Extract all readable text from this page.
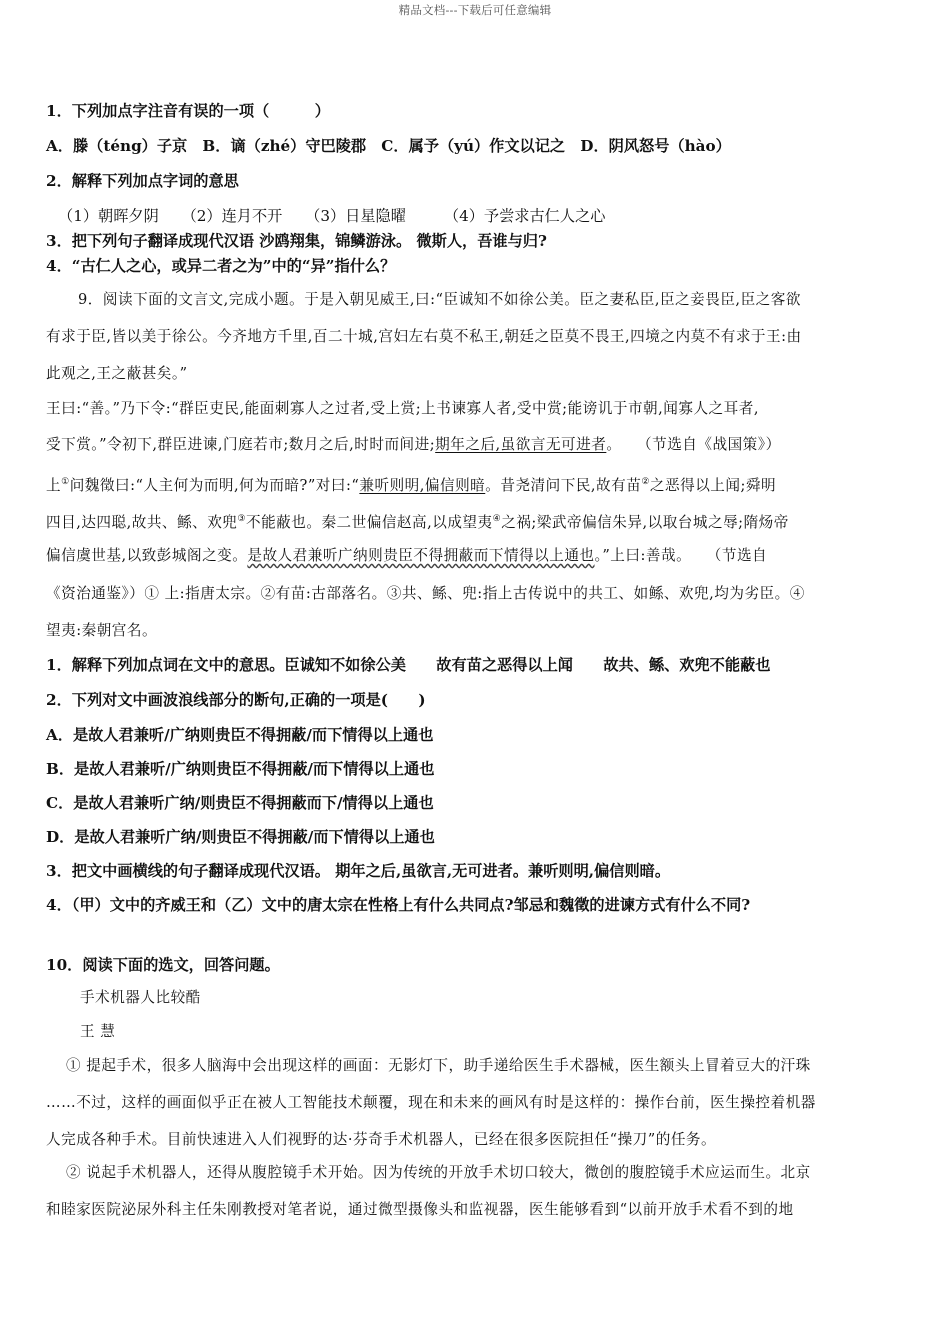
精品文档---下载后可任意编辑
1．下列加点字注音有误的一项（　　　）
A．滕（téng）子京　B．谪（zhé）守巴陵郡　C．属予（yú）作文以记之　D．阴风怒号（hào）
2．解释下列加点字词的意思
（1）朝晖夕阴　　（2）连月不开　　（3）日星隐曜　　　（4）予尝求古仁人之心
3．把下列句子翻译成现代汉语 沙鸥翔集，锦鳞游泳。 微斯人，吾谁与归?
4．“古仁人之心，或异二者之为”中的“异”指什么？
9．阅读下面的文言文,完成小题。于是入朝见威王,曰:“臣诚知不如徐公美。臣之妻私臣,臣之妾畏臣,臣之客欲
有求于臣,皆以美于徐公。今齐地方千里,百二十城,宫妇左右莫不私王,朝廷之臣莫不畏王,四境之内莫不有求于王:由
此观之,王之蔽甚矣。”
王曰:“善。”乃下令:“群臣吏民,能面刺寡人之过者,受上赏;上书谏寡人者,受中赏;能谤讥于市朝,闻寡人之耳者,
受下赏。”令初下,群臣进谏,门庭若市;数月之后,时时而间进;期年之后,虽欲言无可进者。　　（节选自《战国策》）
上①问魏徵曰:“人主何为而明,何为而暗?”对曰:“兼听则明,偏信则暗。昔尧清问下民,故有苗②之恶得以上闻;舜明
四目,达四聪,故共、鲧、欢兜③不能蔽也。秦二世偏信赵高,以成望夷④之祸;梁武帝偏信朱异,以取台城之辱;隋炀帝
偏信虞世基,以致彭城阁之变。是故人君兼听广纳则贵臣不得拥蔽而下情得以上通也。”上曰:善哉。　　（节选自
《资治通鉴》）① 上:指唐太宗。②有苗:古部落名。③共、鲧、兜:指上古传说中的共工、如鲧、欢兜,均为劣臣。④
望夷:秦朝宫名。
1．解释下列加点词在文中的意思。臣诚知不如徐公美　　故有苗之恶得以上闻　　故共、鲧、欢兜不能蔽也
2．下列对文中画波浪线部分的断句,正确的一项是(　　)
A．是故人君兼听/广纳则贵臣不得拥蔽/而下情得以上通也
B．是故人君兼听/广纳则贵臣不得拥蔽/而下情得以上通也
C．是故人君兼听广纳/则贵臣不得拥蔽而下/情得以上通也
D．是故人君兼听广纳/则贵臣不得拥蔽/而下情得以上通也
3．把文中画横线的句子翻译成现代汉语。 期年之后,虽欲言,无可进者。兼听则明,偏信则暗。
4．（甲）文中的齐威王和（乙）文中的唐太宗在性格上有什么共同点?邹忌和魏徵的进谏方式有什么不同?
10．阅读下面的选文，回答问题。
手术机器人比较酷
王 慧
① 提起手术，很多人脑海中会出现这样的画面：无影灯下，助手递给医生手术器械，医生额头上冒着豆大的汗珠
……不过，这样的画面似乎正在被人工智能技术颠覆，现在和未来的画风有时是这样的：操作台前，医生操控着机器
人完成各种手术。目前快速进入人们视野的达·芬奇手术机器人，已经在很多医院担任“操刀”的任务。
② 说起手术机器人，还得从腹腔镜手术开始。因为传统的开放手术切口较大，微创的腹腔镜手术应运而生。北京
和睦家医院泌尿外科主任朱刚教授对笔者说，通过微型摄像头和监视器，医生能够看到“以前开放手术看不到的地
